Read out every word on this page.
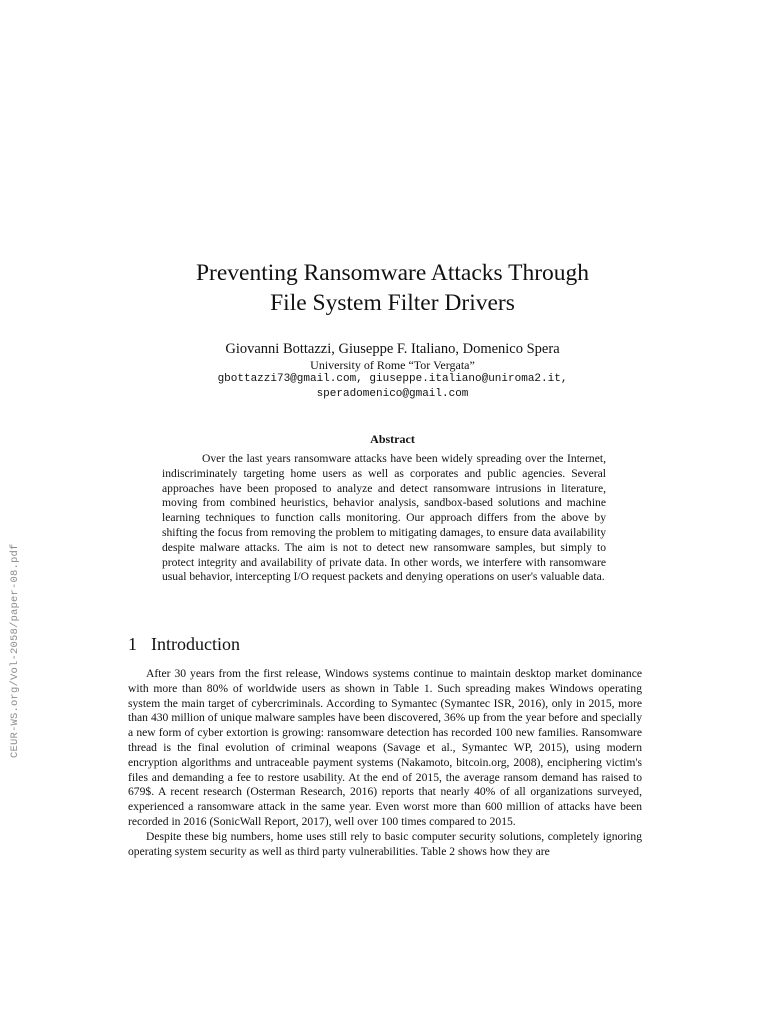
CEUR-WS.org/Vol-2058/paper-08.pdf
Preventing Ransomware Attacks Through
File System Filter Drivers
Giovanni Bottazzi, Giuseppe F. Italiano, Domenico Spera
University of Rome “Tor Vergata”
gbottazzi73@gmail.com, giuseppe.italiano@uniroma2.it,
speradomenico@gmail.com
Abstract

Over the last years ransomware attacks have been widely spreading over the Internet, indiscriminately targeting home users as well as corporates and public agencies. Several approaches have been proposed to analyze and detect ransomware intrusions in literature, moving from combined heuristics, behavior analysis, sandbox-based solutions and machine learning techniques to function calls monitoring. Our approach differs from the above by shifting the focus from removing the problem to mitigating damages, to ensure data availability despite malware attacks. The aim is not to detect new ransomware samples, but simply to protect integrity and availability of private data. In other words, we interfere with ransomware usual behavior, intercepting I/O request packets and denying operations on user's valuable data.

1 Introduction

After 30 years from the first release, Windows systems continue to maintain desktop market dominance with more than 80% of worldwide users as shown in Table 1. Such spreading makes Windows operating system the main target of cybercriminals. According to Symantec (Symantec ISR, 2016), only in 2015, more than 430 million of unique malware samples have been discovered, 36% up from the year before and specially a new form of cyber extortion is growing: ransomware detection has recorded 100 new families. Ransomware thread is the final evolution of criminal weapons (Savage et al., Symantec WP, 2015), using modern encryption algorithms and untraceable payment systems (Nakamoto, bitcoin.org, 2008), enciphering victim's files and demanding a fee to restore usability. At the end of 2015, the average ransom demand has raised to 679$. A recent research (Osterman Research, 2016) reports that nearly 40% of all organizations surveyed, experienced a ransomware attack in the same year. Even worst more than 600 million of attacks have been recorded in 2016 (SonicWall Report, 2017), well over 100 times compared to 2015.

Despite these big numbers, home uses still rely to basic computer security solutions, completely ignoring operating system security as well as third party vulnerabilities. Table 2 shows how they are
